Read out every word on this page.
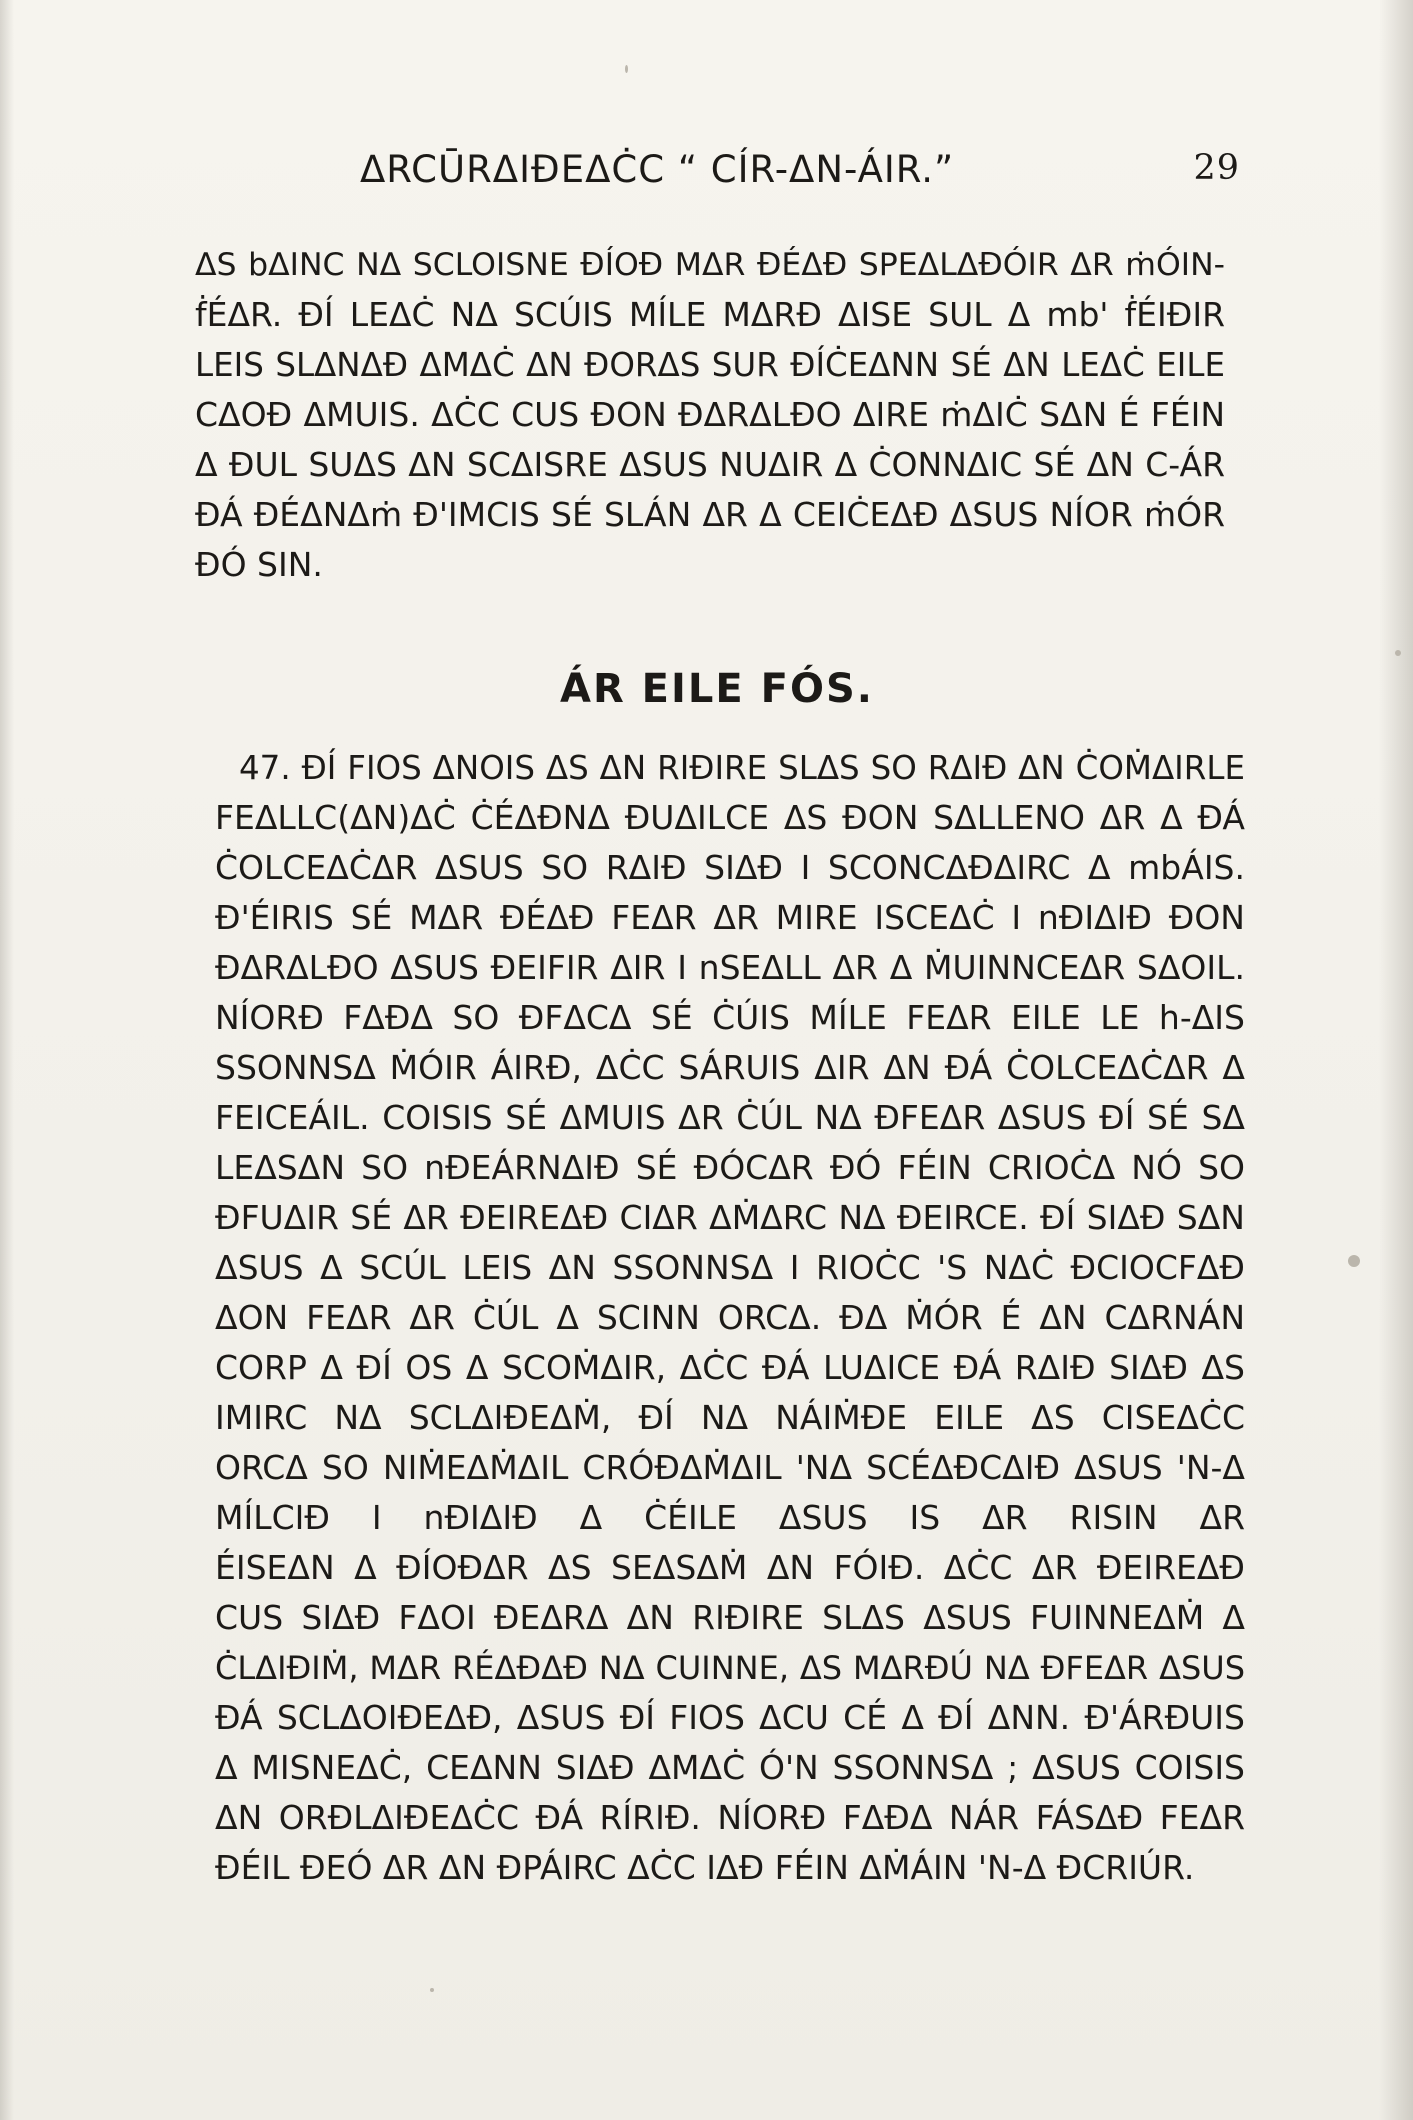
ΔRCŪRΔIÐEΔĊC “ CÍR-ΔN-ÁIR.”	29
ΔS bΔINC NΔ SCLOISNE ÐÍOÐ MΔR ÐÉΔÐ SPEΔLΔÐÓIR ΔR ṁÓIN-
ḟÉΔR. ÐÍ LEΔĊ NΔ SCÚIS MÍLE MΔRÐ ΔISE SUL Δ mb' ḟÉIÐIR
LEIS SLΔNΔÐ ΔMΔĊ ΔN ÐORΔS SUR ÐÍĊEΔNN SÉ ΔN LEΔĊ EILE
CΔOÐ ΔMUIS. ΔĊC CUS ÐON ÐΔRΔLÐO ΔIRE ṁΔIĊ SΔN É FÉIN
Δ ÐUL SUΔS ΔN SCΔISRE ΔSUS NUΔIR Δ ĊONNΔIC SÉ ΔN C-ÁR
ÐÁ ÐÉΔNΔṁ Ð'IMCIS SÉ SLÁN ΔR Δ CEIĊEΔÐ ΔSUS NÍOR ṁÓR
ÐÓ SIN.
ÁR EILE FÓS.
47. ÐÍ FIOS ΔNOIS ΔS ΔN RIÐIRE SLΔS SO RΔIÐ ΔN ĊOṀΔIRLE
FEΔLLC(ΔN)ΔĊ ĊÉΔÐNΔ ÐUΔILCE ΔS ÐON SΔLLENO ΔR Δ ÐÁ
ĊOLCEΔĊΔR ΔSUS SO RΔIÐ SIΔÐ I SCONCΔÐΔIRC Δ mbÁIS.
Ð'ÉIRIS SÉ MΔR ÐÉΔÐ FEΔR ΔR MIRE ISCEΔĊ I nÐIΔIÐ ÐON
ÐΔRΔLÐO ΔSUS ÐEIFIR ΔIR I nSEΔLL ΔR Δ ṀUINNCEΔR SΔOIL.
NÍORÐ FΔÐΔ SO ÐFΔCΔ SÉ ĊÚIS MÍLE FEΔR EILE LE h-ΔIS
SSONNSΔ ṀÓIR ÁIRÐ, ΔĊC SÁRUIS ΔIR ΔN ÐÁ ĊOLCEΔĊΔR Δ
FEICEÁIL. COISIS SÉ ΔMUIS ΔR ĊÚL NΔ ÐFEΔR ΔSUS ÐÍ SÉ SΔ
LEΔSΔN SO nÐEÁRNΔIÐ SÉ ÐÓCΔR ÐÓ FÉIN CRIOĊΔ NÓ SO
ÐFUΔIR SÉ ΔR ÐEIREΔÐ CIΔR ΔṀΔRC NΔ ÐEIRCE. ÐÍ SIΔÐ SΔN
ΔSUS Δ SCÚL LEIS ΔN SSONNSΔ I RIOĊC 'S NΔĊ ÐCIOCFΔÐ
ΔON FEΔR ΔR ĊÚL Δ SCINN ORCΔ. ÐΔ ṀÓR É ΔN CΔRNÁN
CORP Δ ÐÍ OS Δ SCOṀΔIR, ΔĊC ÐÁ LUΔICE ÐÁ RΔIÐ SIΔÐ ΔS
IMIRC NΔ SCLΔIÐEΔṀ, ÐÍ NΔ NÁIṀÐE EILE ΔS CISEΔĊC
ORCΔ SO NIṀEΔṀΔIL CRÓÐΔṀΔIL 'NΔ SCÉΔÐCΔIÐ ΔSUS 'N-Δ
MÍLCIÐ I nÐIΔIÐ Δ ĊÉILE ΔSUS IS ΔR RISIN ΔR
ÉISEΔN Δ ÐÍOÐΔR ΔS SEΔSΔṀ ΔN FÓIÐ. ΔĊC ΔR ÐEIREΔÐ
CUS SIΔÐ FΔOI ÐEΔRΔ ΔN RIÐIRE SLΔS ΔSUS FUINNEΔṀ Δ
ĊLΔIÐIṀ, MΔR RÉΔÐΔÐ NΔ CUINNE, ΔS MΔRÐÚ NΔ ÐFEΔR ΔSUS
ÐÁ SCLΔOIÐEΔÐ, ΔSUS ÐÍ FIOS ΔCU CÉ Δ ÐÍ ΔNN. Ð'ÁRÐUIS
Δ MISNEΔĊ, CEΔNN SIΔÐ ΔMΔĊ Ó'N SSONNSΔ ; ΔSUS COISIS
ΔN ORÐLΔIÐEΔĊC ÐÁ RÍRIÐ. NÍORÐ FΔÐΔ NÁR FÁSΔÐ FEΔR
ÐÉIL ÐEÓ ΔR ΔN ÐPÁIRC ΔĊC IΔÐ FÉIN ΔṀÁIN 'N-Δ ÐCRIÚR.
